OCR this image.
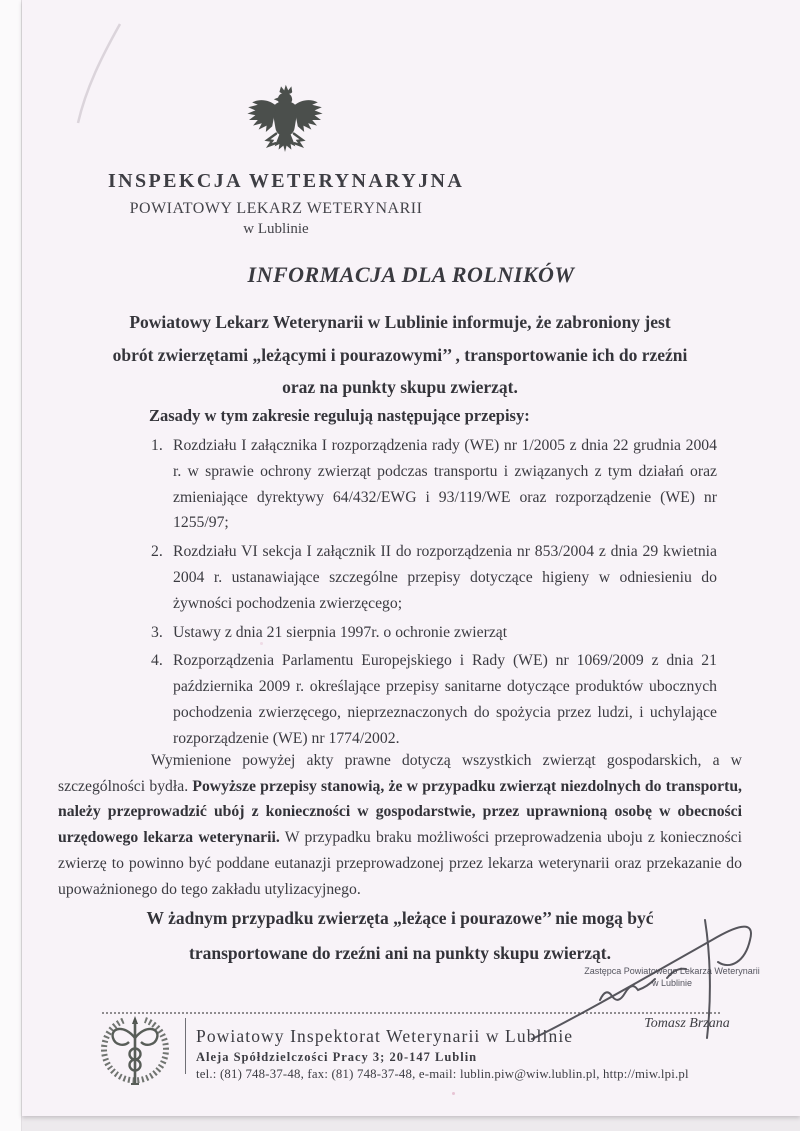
INSPEKCJA WETERYNARYJNA
POWIATOWY LEKARZ WETERYNARII
w Lublinie
INFORMACJA DLA ROLNIKÓW
Powiatowy Lekarz Weterynarii w Lublinie informuje, że zabroniony jest
obrót zwierzętami „leżącymi i pourazowymi’’ , transportowanie ich do rzeźni
oraz na punkty skupu zwierząt.
Zasady w tym zakresie regulują następujące przepisy:
1. Rozdziału I załącznika I rozporządzenia rady (WE) nr 1/2005 z dnia 22 grudnia 2004 r. w sprawie ochrony zwierząt podczas transportu i związanych z tym działań oraz zmieniające dyrektywy 64/432/EWG i 93/119/WE oraz rozporządzenie (WE) nr 1255/97;
2. Rozdziału VI sekcja I załącznik II do rozporządzenia nr 853/2004 z dnia 29 kwietnia 2004 r. ustanawiające szczególne przepisy dotyczące higieny w odniesieniu do żywności pochodzenia zwierzęcego;
3. Ustawy z dnia 21 sierpnia 1997r. o ochronie zwierząt
4. Rozporządzenia Parlamentu Europejskiego i Rady (WE) nr 1069/2009 z dnia 21 października 2009 r. określające przepisy sanitarne dotyczące produktów ubocznych pochodzenia zwierzęcego, nieprzeznaczonych do spożycia przez ludzi, i uchylające rozporządzenie (WE) nr 1774/2002.
Wymienione powyżej akty prawne dotyczą wszystkich zwierząt gospodarskich, a w szczególności bydła. Powyższe przepisy stanowią, że w przypadku zwierząt niezdolnych do transportu, należy przeprowadzić ubój z konieczności w gospodarstwie, przez uprawnioną osobę w obecności urzędowego lekarza weterynarii. W przypadku braku możliwości przeprowadzenia uboju z konieczności zwierzę to powinno być poddane eutanazji przeprowadzonej przez lekarza weterynarii oraz przekazanie do upoważnionego do tego zakładu utylizacyjnego.
W żadnym przypadku zwierzęta „leżące i pourazowe’’ nie mogą być
transportowane do rzeźni ani na punkty skupu zwierząt.
Zastępca Powiatowego Lekarza Weterynarii
w Lublinie
Tomasz Brzana
Powiatowy Inspektorat Weterynarii w Lublinie
Aleja Spółdzielczości Pracy 3; 20-147 Lublin
tel.: (81) 748-37-48, fax: (81) 748-37-48, e-mail: lublin.piw@wiw.lublin.pl, http://miw.lpi.pl
